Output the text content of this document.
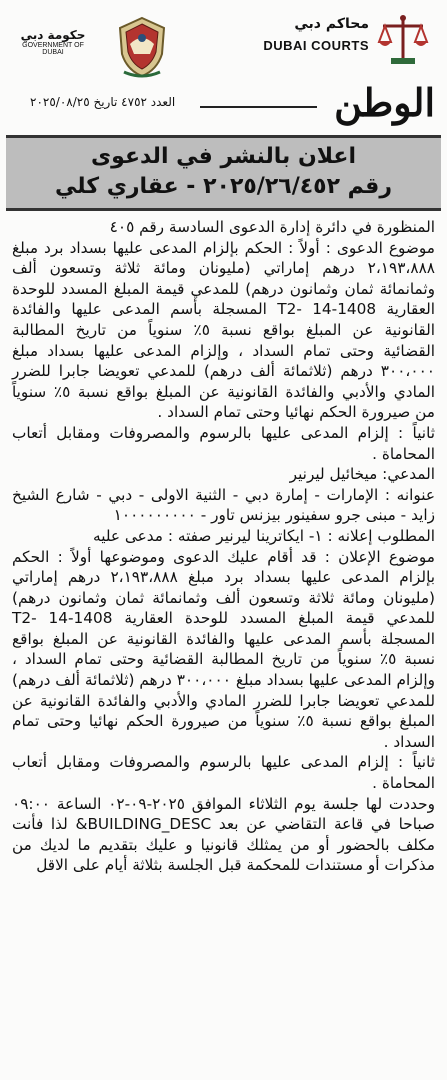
حكومة دبي
GOVERNMENT OF DUBAI
محاكم دبي
DUBAI COURTS
العدد ٤٧٥٢ تاريخ ٢٠٢٥/٠٨/٢٥	الوطن
اعلان بالنشر في الدعوى
رقم ٢٠٢٥/٢٦/٤٥٢ - عقاري كلي

المنظورة في دائرة إدارة الدعوى السادسة رقم ٤٠٥

موضوع الدعوى : أولاً : الحكم بإلزام المدعى عليها بسداد برد مبلغ ٢،١٩٣،٨٨٨ درهم إماراتي (مليونان ومائة ثلاثة وتسعون ألف وثمانمائة ثمان وثمانون درهم) للمدعي قيمة المبلغ المسدد للوحدة العقارية 1408-14 -T2 المسجلة بأسم المدعى عليها والفائدة القانونية عن المبلغ بواقع نسبة ٥٪ سنوياً من تاريخ المطالبة القضائية وحتى تمام السداد ، وإلزام المدعى عليها بسداد مبلغ ٣٠٠،٠٠٠ درهم (ثلاثمائة ألف درهم) للمدعي تعويضا جابرا للضرر المادي والأدبي والفائدة القانونية عن المبلغ بواقع نسبة ٥٪ سنوياً من صيرورة الحكم نهائيا وحتى تمام السداد .

ثانياً : إلزام المدعى عليها بالرسوم والمصروفات ومقابل أتعاب المحاماة .

المدعي: ميخائيل ليرنير

عنوانه : الإمارات - إمارة دبي - الثنية الاولى - دبي - شارع الشيخ زايد - مبنى جرو سفينور بيزنس تاور - ١٠٠٠٠٠٠٠٠٠

المطلوب إعلانه : ١- ايكاترينا ليرنير صفته : مدعى عليه

موضوع الإعلان : قد أقام عليك الدعوى وموضوعها أولاً : الحكم بإلزام المدعى عليها بسداد برد مبلغ ٢،١٩٣،٨٨٨ درهم إماراتي (مليونان ومائة ثلاثة وتسعون ألف وثمانمائة ثمان وثمانون درهم) للمدعي قيمة المبلغ المسدد للوحدة العقارية 1408-14 -T2 المسجلة بأسم المدعى عليها والفائدة القانونية عن المبلغ بواقع نسبة ٥٪ سنوياً من تاريخ المطالبة القضائية وحتى تمام السداد ، وإلزام المدعى عليها بسداد مبلغ ٣٠٠،٠٠٠ درهم (ثلاثمائة ألف درهم) للمدعي تعويضا جابرا للضرر المادي والأدبي والفائدة القانونية عن المبلغ بواقع نسبة ٥٪ سنوياً من صيرورة الحكم نهائيا وحتى تمام السداد .

ثانياً : إلزام المدعى عليها بالرسوم والمصروفات ومقابل أتعاب المحاماة .

وحددت لها جلسة يوم الثلاثاء الموافق ٢٠٢٥-٠٩-٠٢ الساعة ٠٩:٠٠ صباحا في قاعة التقاضي عن بعد BUILDING_DESC& لذا فأنت مكلف بالحضور أو من يمثلك قانونيا و عليك بتقديم ما لديك من مذكرات أو مستندات للمحكمة قبل الجلسة بثلاثة أيام على الاقل
